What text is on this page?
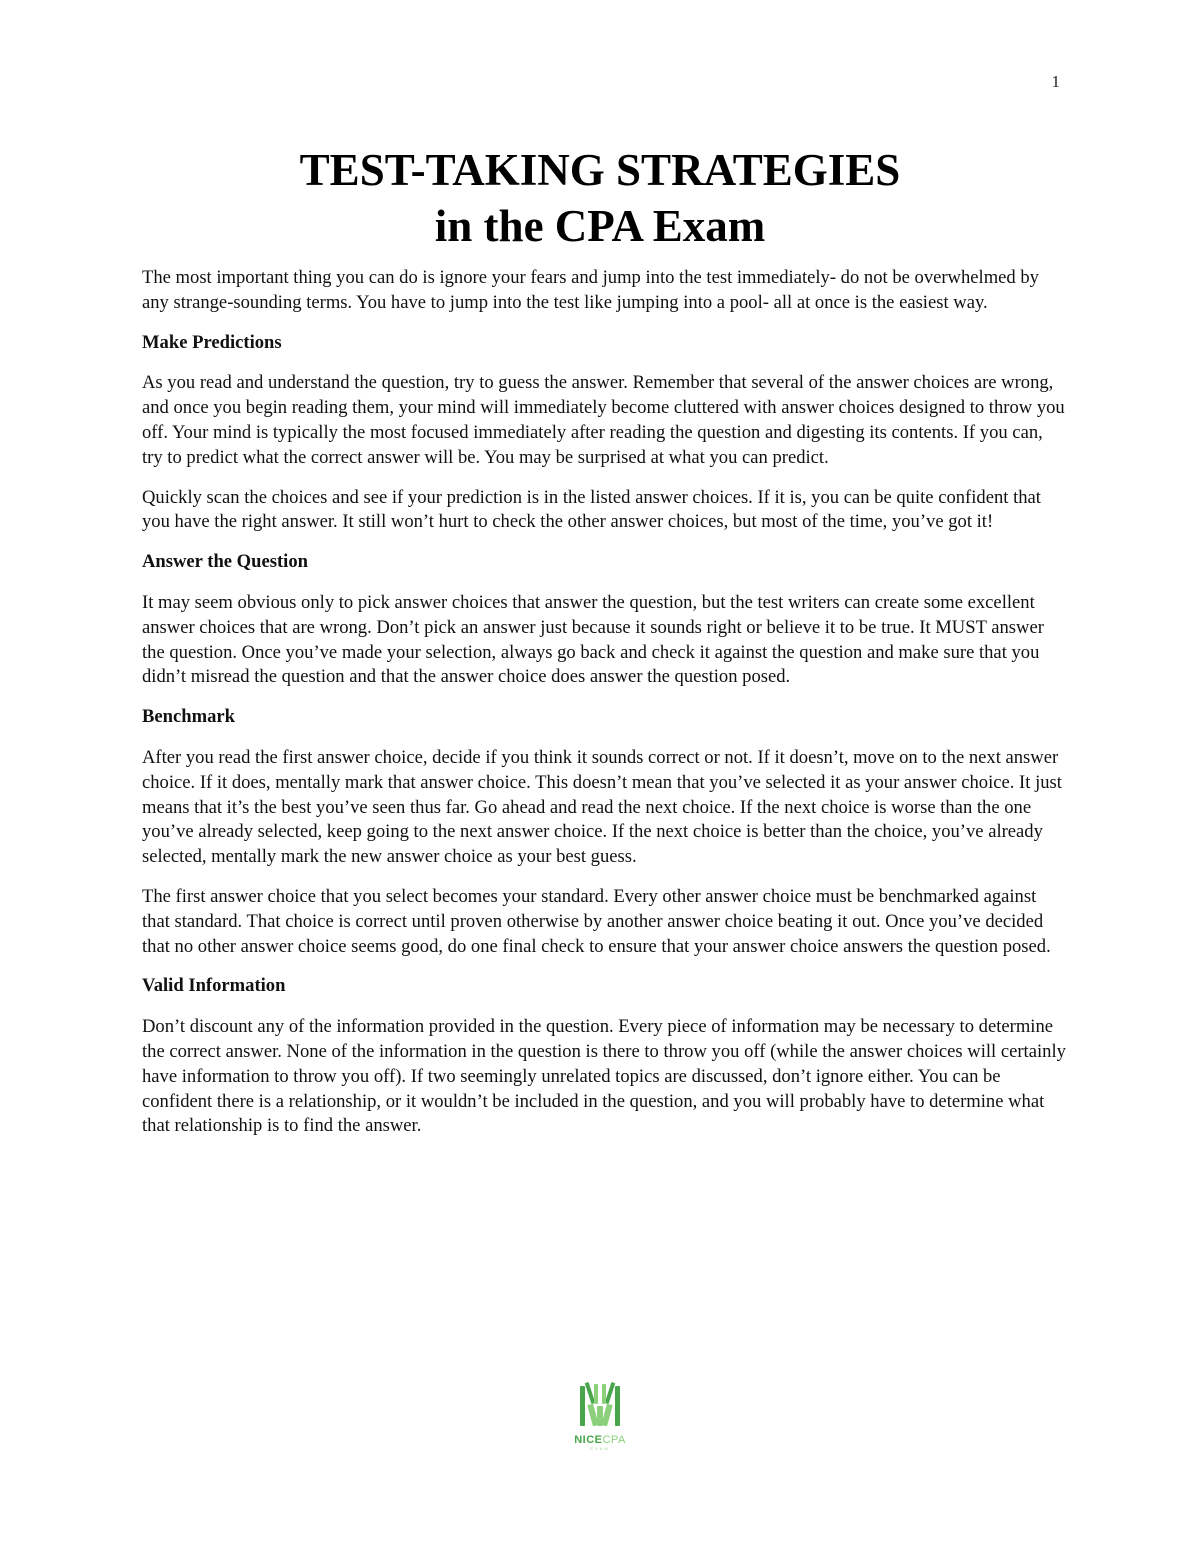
1
TEST-TAKING STRATEGIES
in the CPA Exam

The most important thing you can do is ignore your fears and jump into the test immediately- do not be overwhelmed by any strange-sounding terms. You have to jump into the test like jumping into a pool- all at once is the easiest way.

Make Predictions

As you read and understand the question, try to guess the answer. Remember that several of the answer choices are wrong, and once you begin reading them, your mind will immediately become cluttered with answer choices designed to throw you off. Your mind is typically the most focused immediately after reading the question and digesting its contents. If you can, try to predict what the correct answer will be. You may be surprised at what you can predict.

Quickly scan the choices and see if your prediction is in the listed answer choices. If it is, you can be quite confident that you have the right answer. It still won’t hurt to check the other answer choices, but most of the time, you’ve got it!

Answer the Question

It may seem obvious only to pick answer choices that answer the question, but the test writers can create some excellent answer choices that are wrong. Don’t pick an answer just because it sounds right or believe it to be true. It MUST answer the question. Once you’ve made your selection, always go back and check it against the question and make sure that you didn’t misread the question and that the answer choice does answer the question posed.

Benchmark

After you read the first answer choice, decide if you think it sounds correct or not. If it doesn’t, move on to the next answer choice. If it does, mentally mark that answer choice. This doesn’t mean that you’ve selected it as your answer choice. It just means that it’s the best you’ve seen thus far. Go ahead and read the next choice. If the next choice is worse than the one you’ve already selected, keep going to the next answer choice. If the next choice is better than the choice, you’ve already selected, mentally mark the new answer choice as your best guess.

The first answer choice that you select becomes your standard. Every other answer choice must be benchmarked against that standard. That choice is correct until proven otherwise by another answer choice beating it out. Once you’ve decided that no other answer choice seems good, do one final check to ensure that your answer choice answers the question posed.

Valid Information

Don’t discount any of the information provided in the question. Every piece of information may be necessary to determine the correct answer. None of the information in the question is there to throw you off (while the answer choices will certainly have information to throw you off). If two seemingly unrelated topics are discussed, don’t ignore either. You can be confident there is a relationship, or it wouldn’t be included in the question, and you will probably have to determine what that relationship is to find the answer.

NICECPA
EXAM
